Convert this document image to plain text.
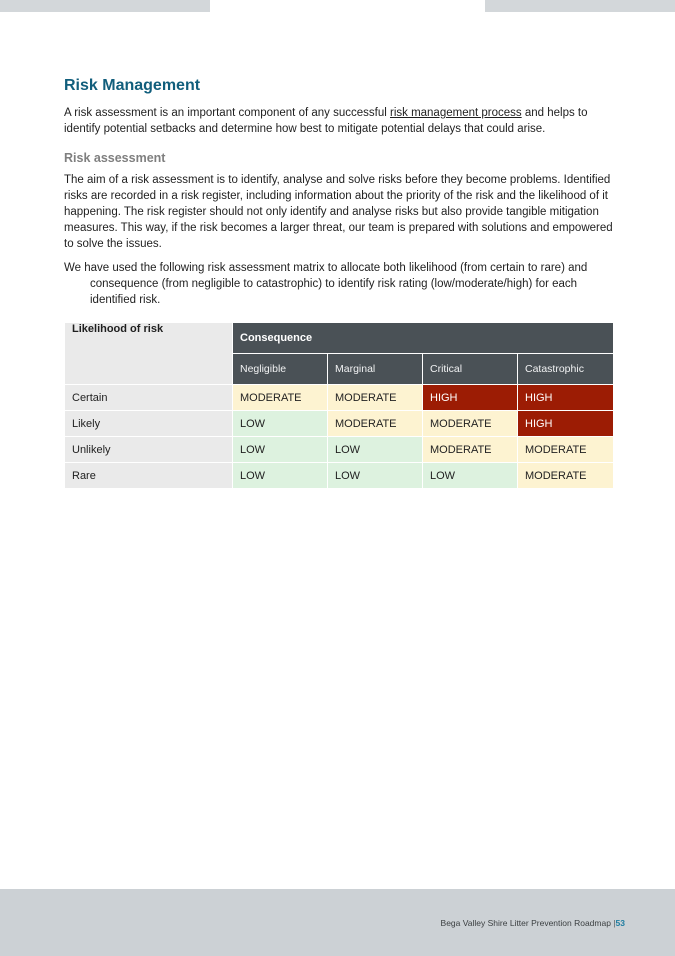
Risk Management

A risk assessment is an important component of any successful risk management process and helps to identify potential setbacks and determine how best to mitigate potential delays that could arise.

Risk assessment

The aim of a risk assessment is to identify, analyse and solve risks before they become problems. Identified risks are recorded in a risk register, including information about the priority of the risk and the likelihood of it happening. The risk register should not only identify and analyse risks but also provide tangible mitigation measures. This way, if the risk becomes a larger threat, our team is prepared with solutions and empowered to solve the issues.

We have used the following risk assessment matrix to allocate both likelihood (from certain to rare) and consequence (from negligible to catastrophic) to identify risk rating (low/moderate/high) for each identified risk.

Likelihood of risk	Consequence			
	Negligible	Marginal	Critical	Catastrophic
Certain	MODERATE	MODERATE	HIGH	HIGH
Likely	LOW	MODERATE	MODERATE	HIGH
Unlikely	LOW	LOW	MODERATE	MODERATE
Rare	LOW	LOW	LOW	MODERATE
Bega Valley Shire Litter Prevention Roadmap |53
